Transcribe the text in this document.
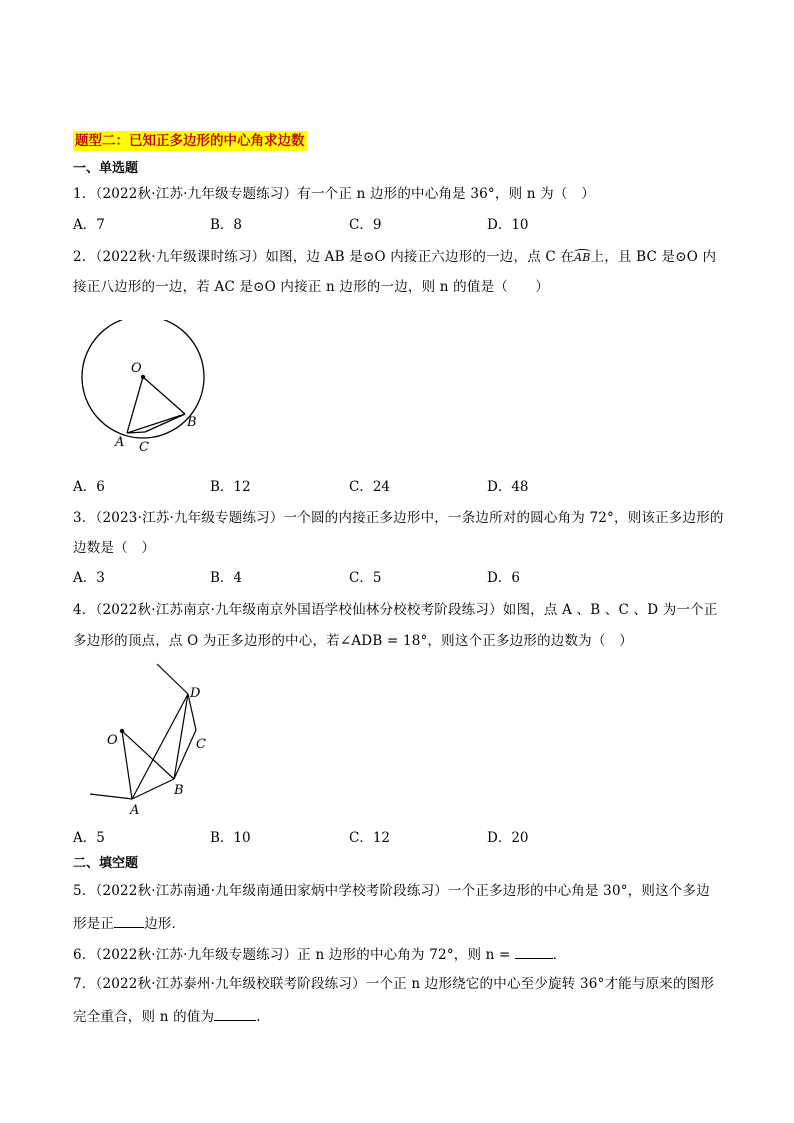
题型二：已知正多边形的中心角求边数
一、单选题
1．（2022秋·江苏·九年级专题练习）有一个正 n 边形的中心角是 36°，则 n 为（　）
A．7	B．8	C．9	D．10
2．（2022秋·九年级课时练习）如图，边 AB 是⊙O 内接正六边形的一边，点 C 在AB上，且 BC 是⊙O 内
接正八边形的一边，若 AC 是⊙O 内接正 n 边形的一边，则 n 的值是（　　）
O
A
B
C
A．6	B．12	C．24	D．48
3．（2023·江苏·九年级专题练习）一个圆的内接正多边形中，一条边所对的圆心角为 72°，则该正多边形的
边数是（　）
A．3	B．4	C．5	D．6
4．（2022秋·江苏南京·九年级南京外国语学校仙林分校校考阶段练习）如图，点 A 、B 、C 、D 为一个正
多边形的顶点，点 O 为正多边形的中心，若∠ADB = 18°，则这个正多边形的边数为（　）
O
D
C
B
A
A．5	B．10	C．12	D．20
二、填空题
5．（2022秋·江苏南通·九年级南通田家炳中学校考阶段练习）一个正多边形的中心角是 30°，则这个多边
形是正 边形．
6．（2022秋·江苏·九年级专题练习）正 n 边形的中心角为 72°，则 n =	．
7．（2022秋·江苏泰州·九年级校联考阶段练习）一个正 n 边形绕它的中心至少旋转 36°才能与原来的图形
完全重合，则 n 的值为	．
